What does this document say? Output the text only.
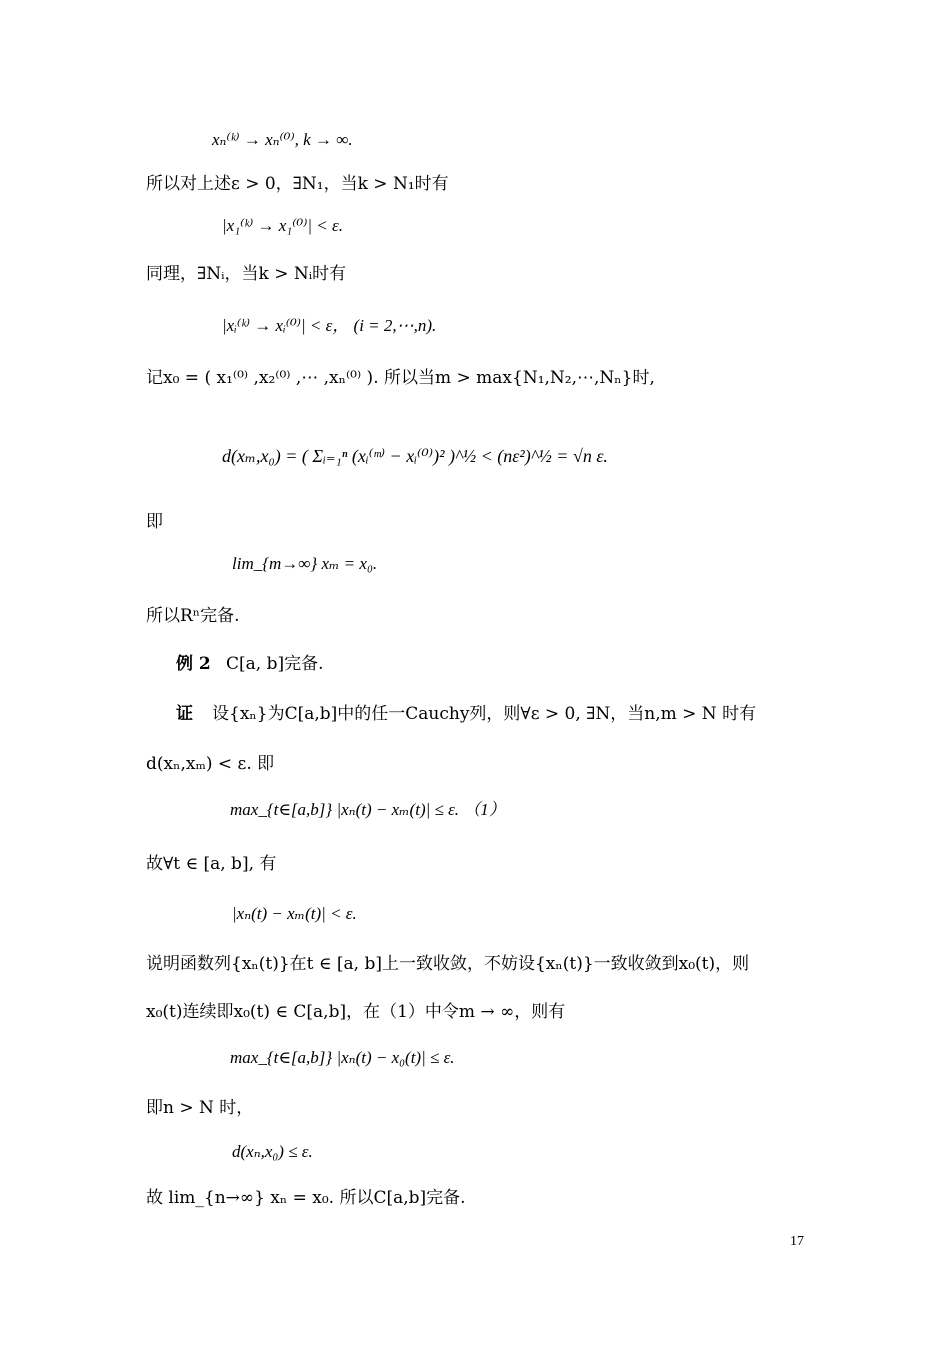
xₙ⁽ᵏ⁾ → xₙ⁽⁰⁾, k → ∞.
所以对上述ε > 0，∃N₁，当k > N₁时有
|x₁⁽ᵏ⁾ → x₁⁽⁰⁾| < ε.
同理，∃Nᵢ，当k > Nᵢ时有
|xᵢ⁽ᵏ⁾ → xᵢ⁽⁰⁾| < ε， (i = 2,⋯,n).
记x₀ = ( x₁⁽⁰⁾ ,x₂⁽⁰⁾ ,⋯ ,xₙ⁽⁰⁾ ). 所以当m > max{N₁,N₂,⋯,Nₙ}时,
d(xₘ,x₀) = ( Σᵢ₌₁ⁿ (xᵢ⁽ᵐ⁾ − xᵢ⁽⁰⁾)² )^½ < (nε²)^½ = √n ε.
即
lim_{m→∞} xₘ = x₀.
所以Rⁿ完备.
例 2 C[a, b]完备.
证 设{xₙ}为C[a,b]中的任一Cauchy列，则∀ε > 0, ∃N，当n,m > N 时有
d(xₙ,xₘ) < ε. 即
max_{t∈[a,b]} |xₙ(t) − xₘ(t)| ≤ ε. （1）
故∀t ∈ [a, b], 有
|xₙ(t) − xₘ(t)| < ε.
说明函数列{xₙ(t)}在t ∈ [a, b]上一致收敛，不妨设{xₙ(t)}一致收敛到x₀(t)，则
x₀(t)连续即x₀(t) ∈ C[a,b]，在（1）中令m → ∞，则有
max_{t∈[a,b]} |xₙ(t) − x₀(t)| ≤ ε.
即n > N 时，
d(xₙ,x₀) ≤ ε.
故 lim_{n→∞} xₙ = x₀. 所以C[a,b]完备.
17
